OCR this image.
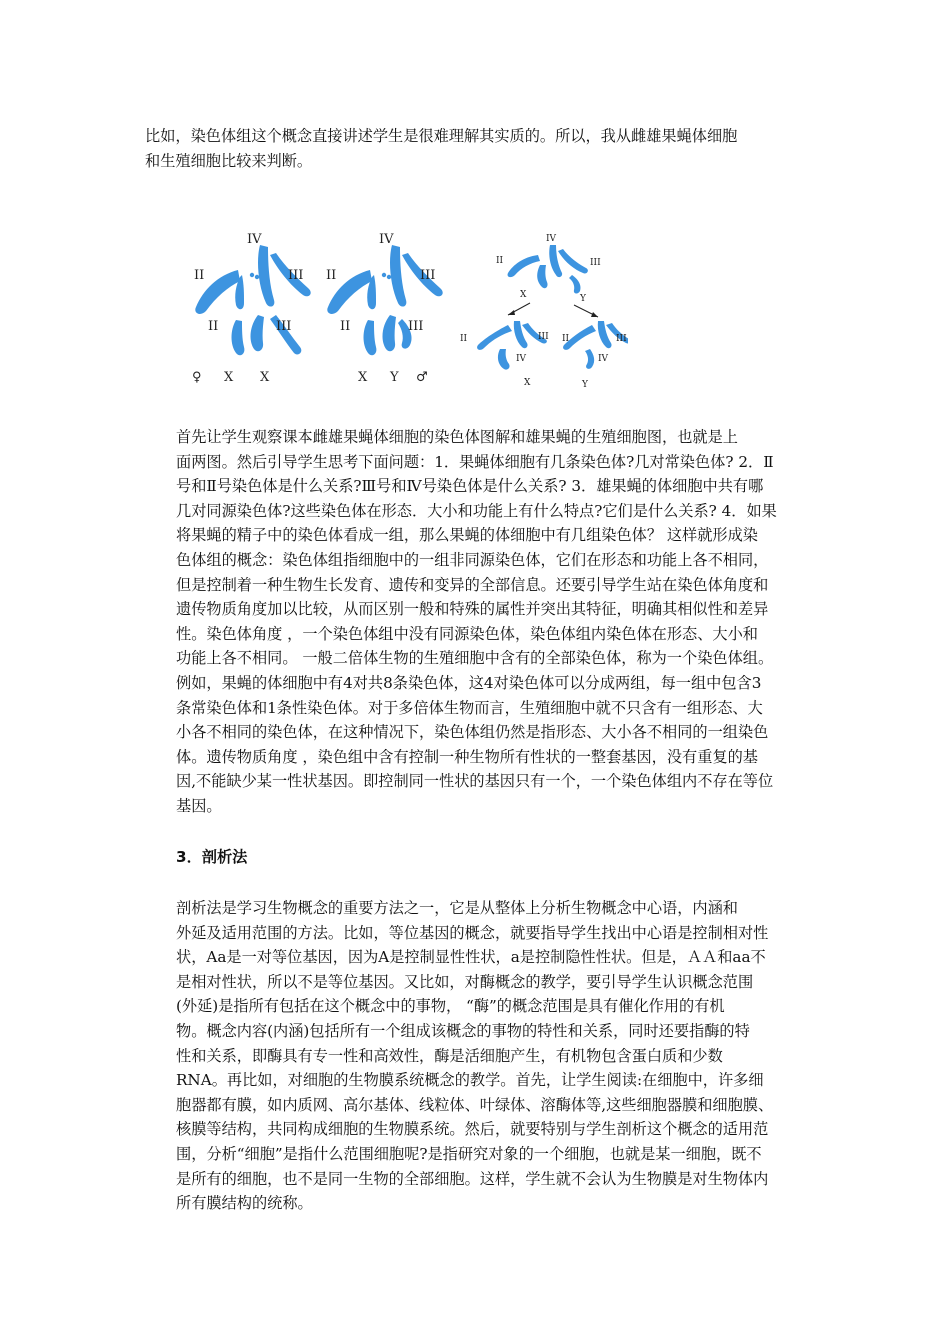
比如，染色体组这个概念直接讲述学生是很难理解其实质的。所以，我从雌雄果蝇体细胞
和生殖细胞比较来判断。
IV
II	III
II	III
♀ X X
IV
II	III
II	III
X Y ♂
IV
II	III
X	Y
II	III
IV
X
II	III
IV
Y
首先让学生观察课本雌雄果蝇体细胞的染色体图解和雄果蝇的生殖细胞图，也就是上
面两图。然后引导学生思考下面问题：1．果蝇体细胞有几条染色体?几对常染色体? 2．Ⅱ
号和Ⅱ号染色体是什么关系?Ⅲ号和Ⅳ号染色体是什么关系? 3．雄果蝇的体细胞中共有哪
几对同源染色体?这些染色体在形态．大小和功能上有什么特点?它们是什么关系? 4．如果
将果蝇的精子中的染色体看成一组，那么果蝇的体细胞中有几组染色体？ 这样就形成染
色体组的概念：染色体组指细胞中的一组非同源染色体，它们在形态和功能上各不相同，
但是控制着一种生物生长发育、遗传和变异的全部信息。还要引导学生站在染色体角度和
遗传物质角度加以比较，从而区别一般和特殊的属性并突出其特征，明确其相似性和差异
性。染色体角度 ，一个染色体组中没有同源染色体，染色体组内染色体在形态、大小和
功能上各不相同。 一般二倍体生物的生殖细胞中含有的全部染色体，称为一个染色体组。
例如，果蝇的体细胞中有4对共8条染色体，这4对染色体可以分成两组，每一组中包含3
条常染色体和1条性染色体。对于多倍体生物而言，生殖细胞中就不只含有一组形态、大
小各不相同的染色体，在这种情况下，染色体组仍然是指形态、大小各不相同的一组染色
体。遗传物质角度 ，染色组中含有控制一种生物所有性状的一整套基因，没有重复的基
因,不能缺少某一性状基因。即控制同一性状的基因只有一个，一个染色体组内不存在等位
基因。
3．剖析法
剖析法是学习生物概念的重要方法之一，它是从整体上分析生物概念中心语，内涵和
外延及适用范围的方法。比如，等位基因的概念，就要指导学生找出中心语是控制相对性
状，Aa是一对等位基因，因为A是控制显性性状，a是控制隐性性状。但是，ＡＡ和aa不
是相对性状，所以不是等位基因。又比如，对酶概念的教学，要引导学生认识概念范围
(外延)是指所有包括在这个概念中的事物， “酶”的概念范围是具有催化作用的有机
物。概念内容(内涵)包括所有一个组成该概念的事物的特性和关系，同时还要指酶的特
性和关系，即酶具有专一性和高效性，酶是活细胞产生，有机物包含蛋白质和少数
RNA。再比如，对细胞的生物膜系统概念的教学。首先，让学生阅读:在细胞中，许多细
胞器都有膜，如内质网、高尔基体、线粒体、叶绿体、溶酶体等,这些细胞器膜和细胞膜、
核膜等结构，共同构成细胞的生物膜系统。然后，就要特别与学生剖析这个概念的适用范
围，分析“细胞”是指什么范围细胞呢?是指研究对象的一个细胞，也就是某一细胞，既不
是所有的细胞，也不是同一生物的全部细胞。这样，学生就不会认为生物膜是对生物体内
所有膜结构的统称。
